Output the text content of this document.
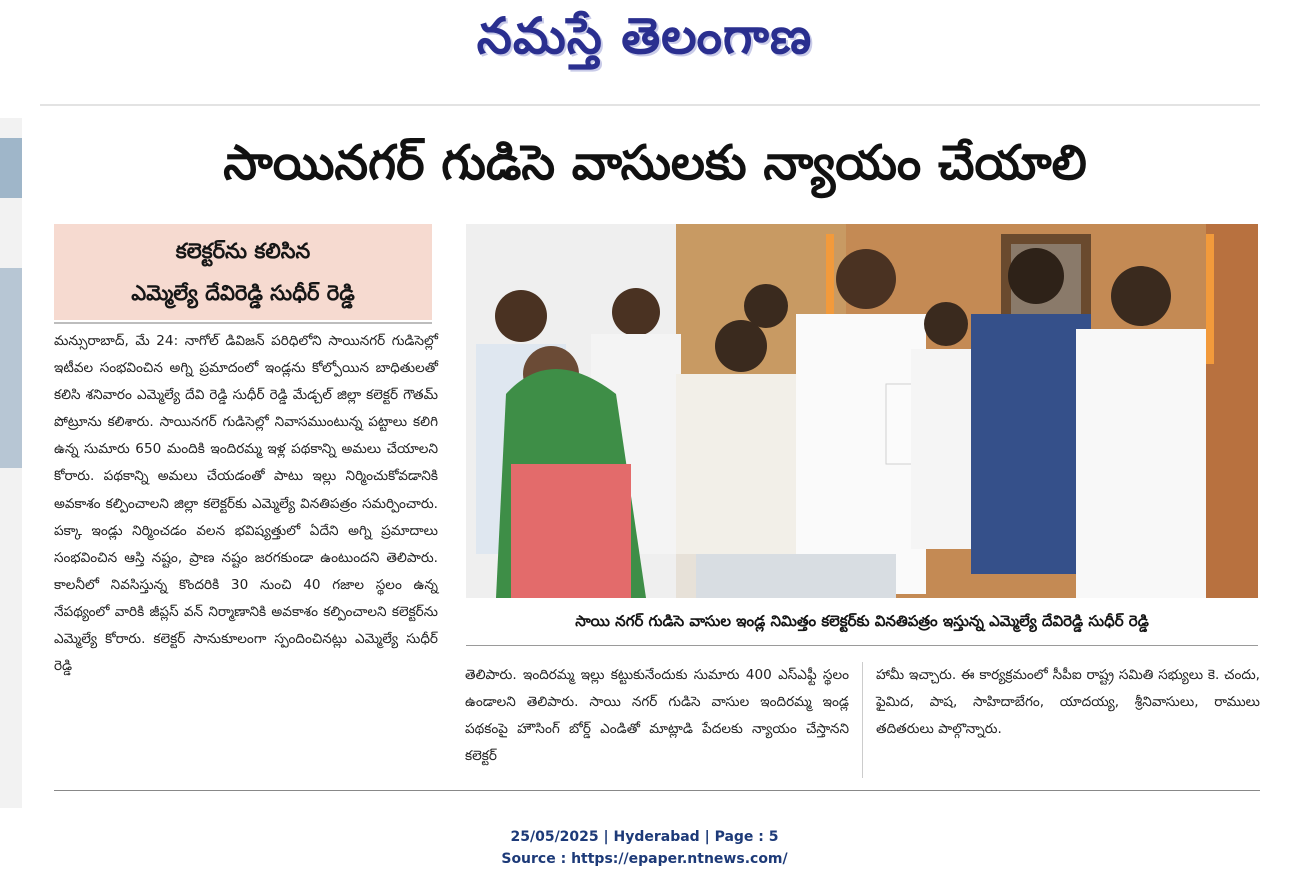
నమస్తే తెలంగాణ
సాయినగర్ గుడిసె వాసులకు న్యాయం చేయాలి
కలెక్టర్‌ను కలిసిన
ఎమ్మెల్యే దేవిరెడ్డి సుధీర్ రెడ్డి

మన్సురాబాద్, మే 24: నాగోల్ డివిజన్ పరిధిలోని సాయినగర్ గుడిసెల్లో ఇటీవల సంభవించిన అగ్ని ప్రమాదంలో ఇండ్లను కోల్పోయిన బాధితులతో కలిసి శనివారం ఎమ్మెల్యే దేవి రెడ్డి సుధీర్ రెడ్డి మేడ్చల్ జిల్లా కలెక్టర్ గౌతమ్ పోట్రూను కలిశారు. సాయినగర్ గుడిసెల్లో నివాసముంటున్న పట్టాలు కలిగి ఉన్న సుమారు 650 మందికి ఇందిరమ్మ ఇళ్ల పథకాన్ని అమలు చేయాలని కోరారు. పథకాన్ని అమలు చేయడంతో పాటు ఇల్లు నిర్మించుకోవడానికి అవకాశం కల్పించాలని జిల్లా కలెక్టర్‌కు ఎమ్మెల్యే వినతిపత్రం సమర్పించారు. పక్కా ఇండ్లు నిర్మించడం వలన భవిష్యత్తులో ఏదేని అగ్ని ప్రమాదాలు సంభవించిన ఆస్తి నష్టం, ప్రాణ నష్టం జరగకుండా ఉంటుందని తెలిపారు. కాలనీలో నివసిస్తున్న కొందరికి 30 నుంచి 40 గజాల స్థలం ఉన్న నేపథ్యంలో వారికి జీప్లస్ వన్ నిర్మాణానికి అవకాశం కల్పించాలని కలెక్టర్‌ను ఎమ్మెల్యే కోరారు. కలెక్టర్ సానుకూలంగా స్పందించినట్లు ఎమ్మెల్యే సుధీర్ రెడ్డి

సాయి నగర్ గుడిసె వాసుల ఇండ్ల నిమిత్తం కలెక్టర్‌కు వినతిపత్రం ఇస్తున్న ఎమ్మెల్యే దేవిరెడ్డి సుధీర్ రెడ్డి

తెలిపారు. ఇందిరమ్మ ఇల్లు కట్టుకునేందుకు సుమారు 400 ఎస్ఎఫ్టీ స్థలం ఉండాలని తెలిపారు. సాయి నగర్ గుడిసె వాసుల ఇందిరమ్మ ఇండ్ల పథకంపై హౌసింగ్ బోర్డ్ ఎండితో మాట్లాడి పేదలకు న్యాయం చేస్తానని కలెక్టర్

హామీ ఇచ్చారు. ఈ కార్యక్రమంలో సీపీఐ రాష్ట్ర సమితి సభ్యులు కె. చందు, ఫైమిద, పాష, సాహిదాబేగం, యాదయ్య, శ్రీనివాసులు, రాములు తదితరులు పాల్గొన్నారు.

25/05/2025 | Hyderabad | Page : 5
Source : https://epaper.ntnews.com/
